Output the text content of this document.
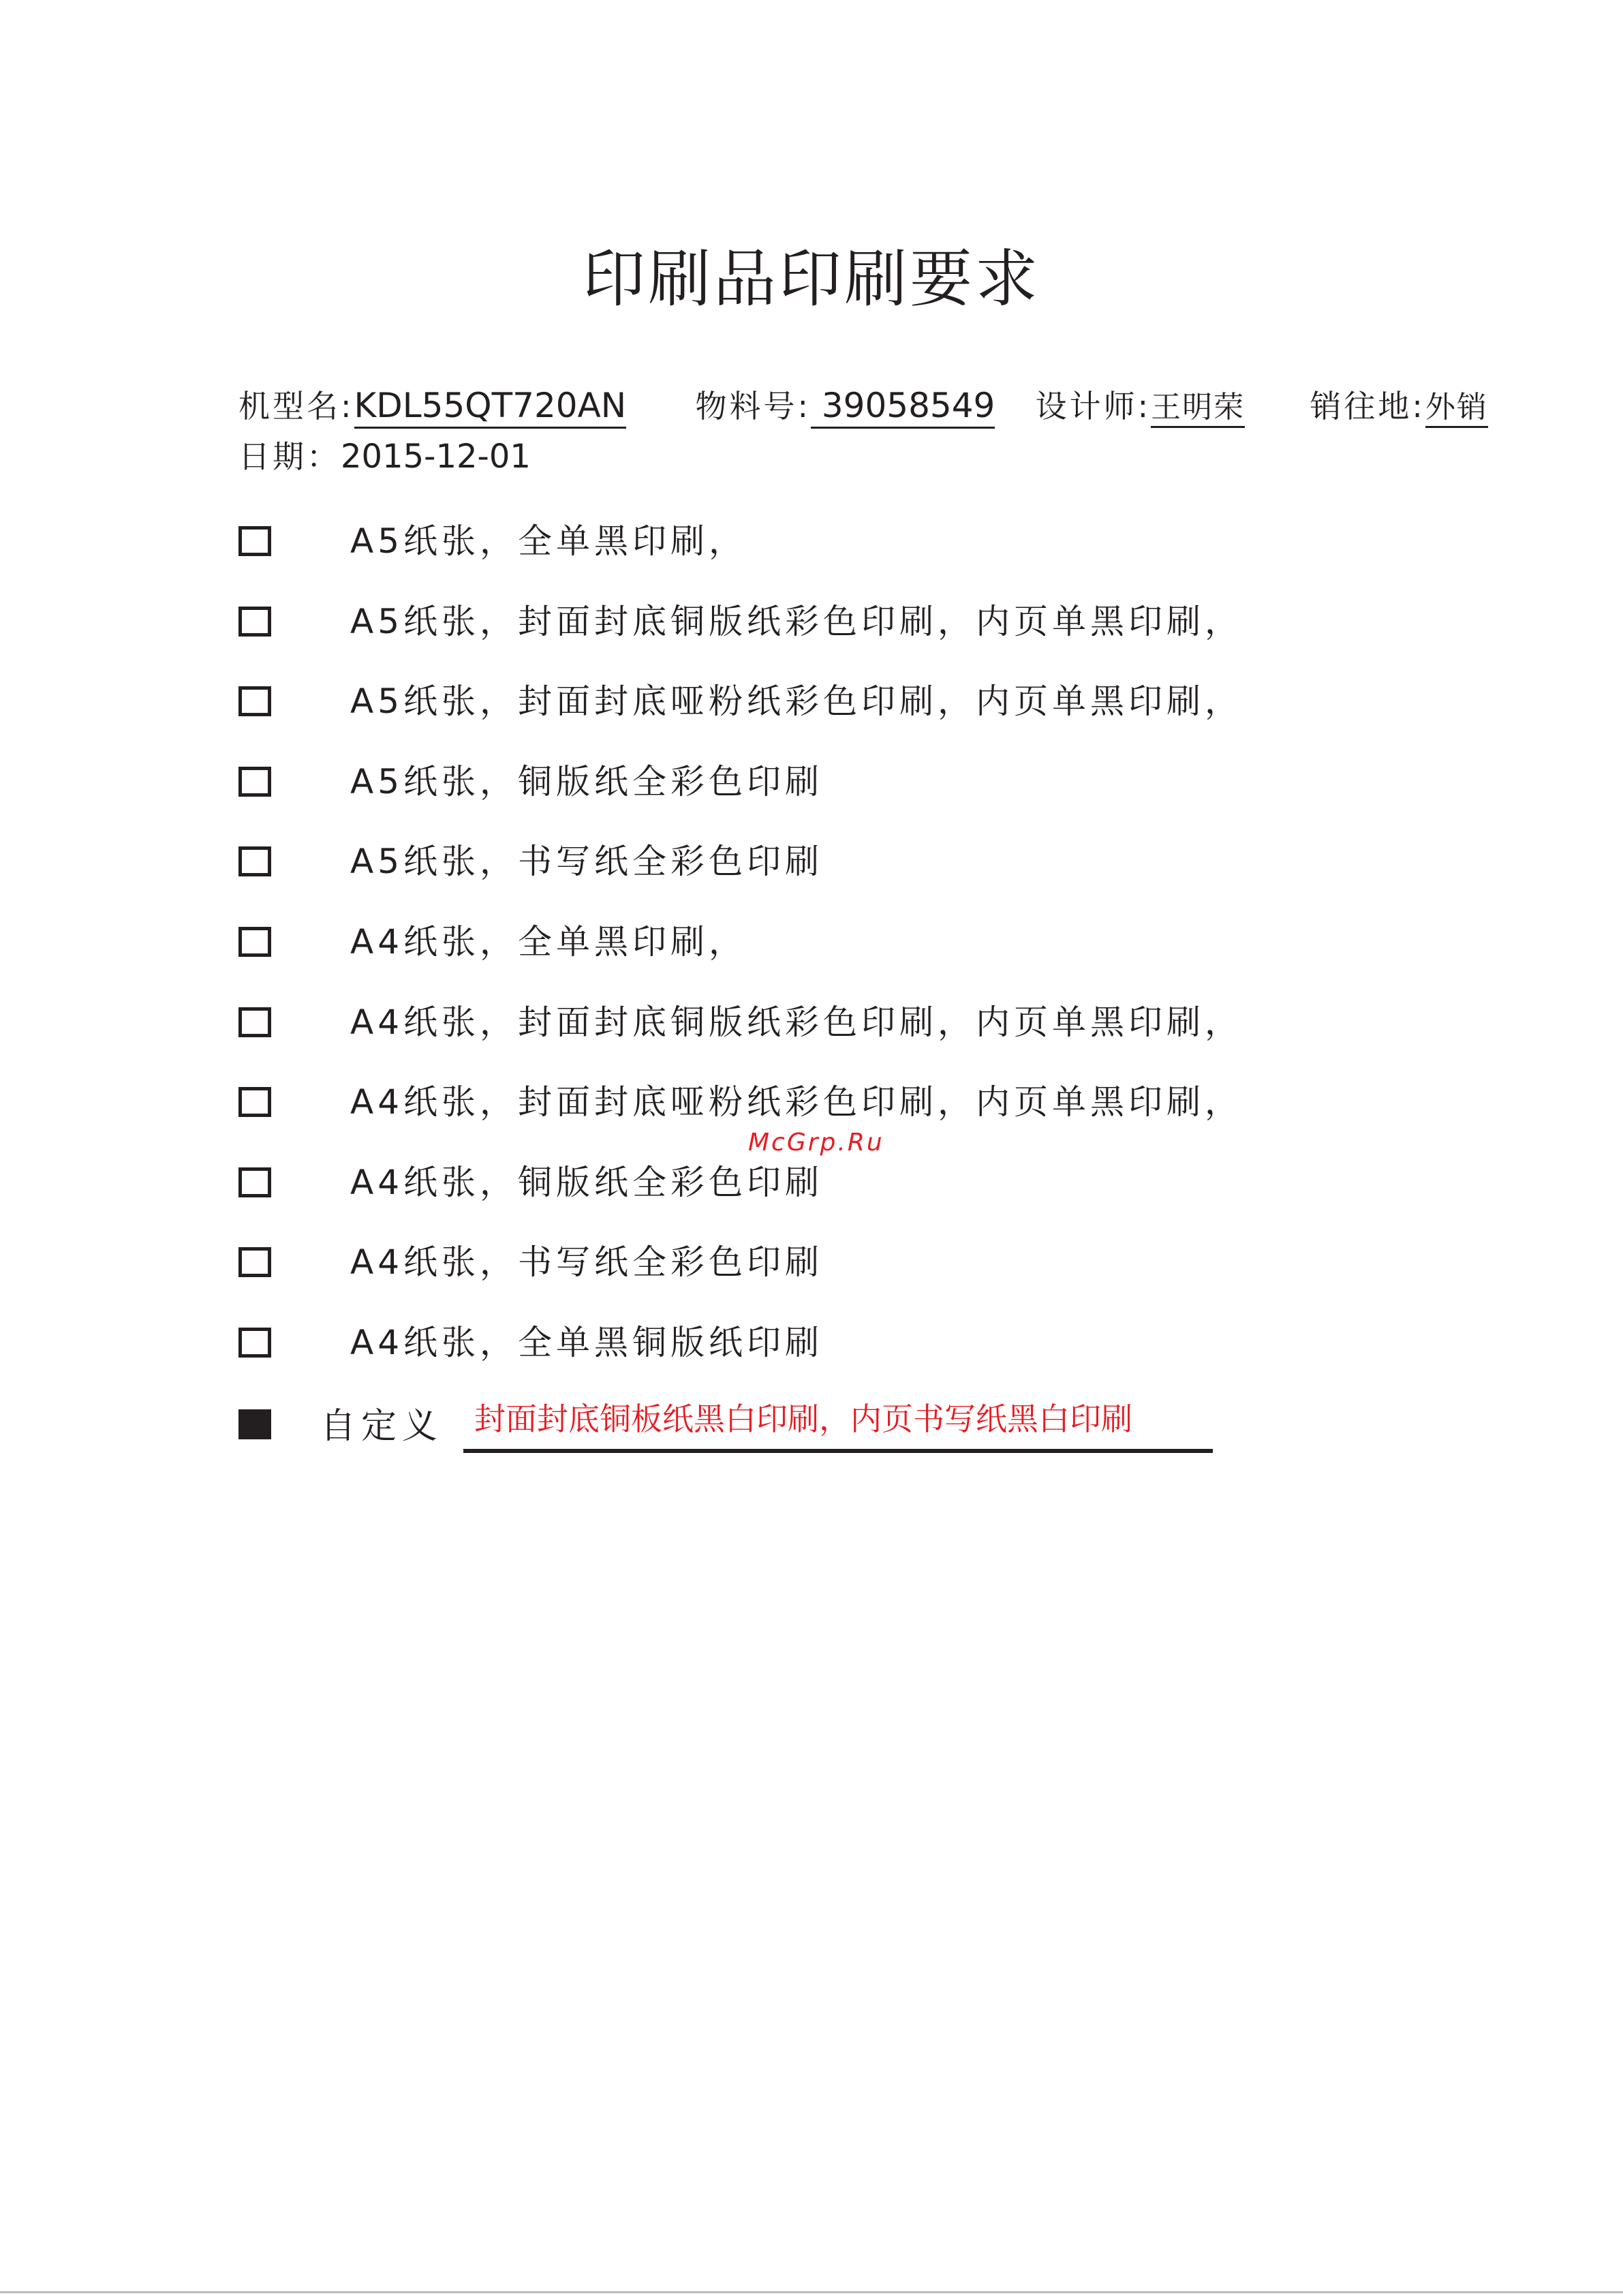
印刷品印刷要求
机型名:KDL55QT720AN 物料号: 39058549 设计师:王明荣 销往地:外销
日期：2015-12-01
A5纸张，全单黑印刷，
A5纸张，封面封底铜版纸彩色印刷，内页单黑印刷，
A5纸张，封面封底哑粉纸彩色印刷，内页单黑印刷，
A5纸张，铜版纸全彩色印刷
A5纸张，书写纸全彩色印刷
A4纸张，全单黑印刷，
A4纸张，封面封底铜版纸彩色印刷，内页单黑印刷，
A4纸张，封面封底哑粉纸彩色印刷，内页单黑印刷，
A4纸张，铜版纸全彩色印刷
A4纸张，书写纸全彩色印刷
A4纸张，全单黑铜版纸印刷
McGrp.Ru
自定义 封面封底铜板纸黑白印刷，内页书写纸黑白印刷
